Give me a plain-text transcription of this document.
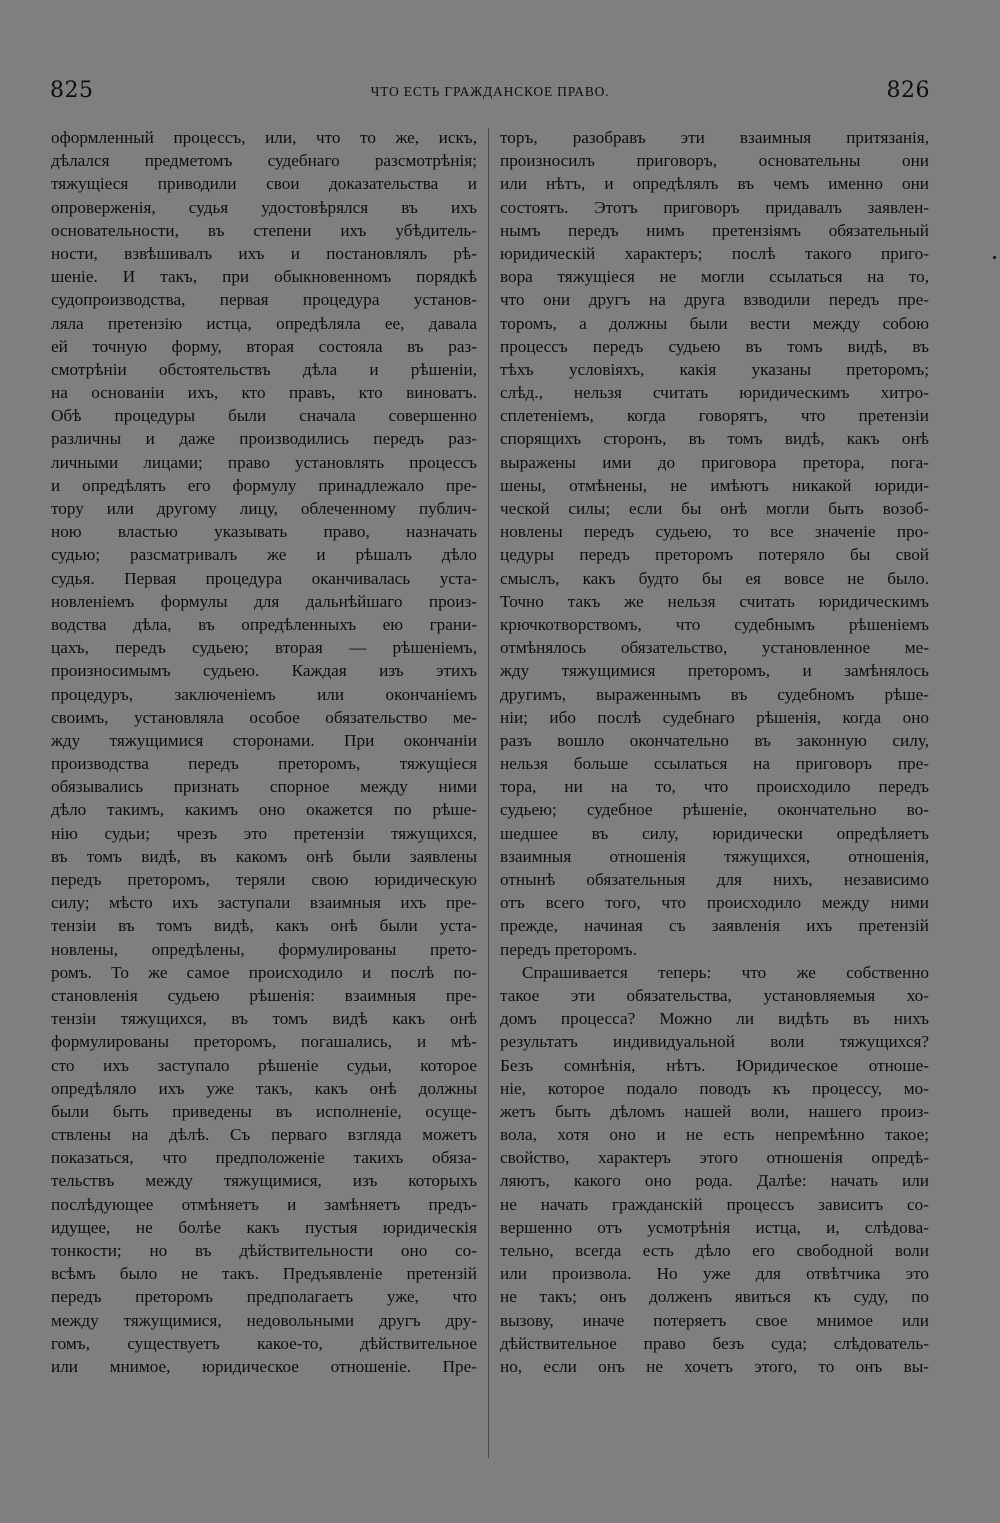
825	ЧТО ЕСТЬ ГРАЖДАНСКОЕ ПРАВО.	826
оформленный процессъ, или, что то же, искъ,
дѣлался предметомъ судебнаго разсмотрѣнія;
тяжущіеся приводили свои доказательства и
опроверженія, судья удостовѣрялся въ ихъ
основательности, въ степени ихъ убѣдитель-
ности, взвѣшивалъ ихъ и постановлялъ рѣ-
шеніе. И такъ, при обыкновенномъ порядкѣ
судопроизводства, первая процедура установ-
ляла претензію истца, опредѣляла ее, давала
ей точную форму, вторая состояла въ раз-
смотрѣніи обстоятельствъ дѣла и рѣшеніи,
на основаніи ихъ, кто правъ, кто виноватъ.
Обѣ процедуры были сначала совершенно
различны и даже производились передъ раз-
личными лицами; право установлять процессъ
и опредѣлять его формулу принадлежало пре-
тору или другому лицу, облеченному публич-
ною властью указывать право, назначать
судью; разсматривалъ же и рѣшалъ дѣло
судья. Первая процедура оканчивалась уста-
новленіемъ формулы для дальнѣйшаго произ-
водства дѣла, въ опредѣленныхъ ею грани-
цахъ, передъ судьею; вторая — рѣшеніемъ,
произносимымъ судьею. Каждая изъ этихъ
процедуръ, заключеніемъ или окончаніемъ
своимъ, установляла особое обязательство ме-
жду тяжущимися сторонами. При окончаніи
производства передъ преторомъ, тяжущіеся
обязывались признать спорное между ними
дѣло такимъ, какимъ оно окажется по рѣше-
нію судьи; чрезъ это претензіи тяжущихся,
въ томъ видѣ, въ какомъ онѣ были заявлены
передъ преторомъ, теряли свою юридическую
силу; мѣсто ихъ заступали взаимныя ихъ пре-
тензіи въ томъ видѣ, какъ онѣ были уста-
новлены, опредѣлены, формулированы прето-
ромъ. То же самое происходило и послѣ по-
становленія судьею рѣшенія: взаимныя пре-
тензіи тяжущихся, въ томъ видѣ какъ онѣ
формулированы преторомъ, погашались, и мѣ-
сто ихъ заступало рѣшеніе судьи, которое
опредѣляло ихъ уже такъ, какъ онѣ должны
были быть приведены въ исполненіе, осуще-
ствлены на дѣлѣ. Съ перваго взгляда можетъ
показаться, что предположеніе такихъ обяза-
тельствъ между тяжущимися, изъ которыхъ
послѣдующее отмѣняетъ и замѣняетъ предъ-
идущее, не болѣе какъ пустыя юридическія
тонкости; но въ дѣйствительности оно со-
всѣмъ было не такъ. Предъявленіе претензій
передъ преторомъ предполагаетъ уже, что
между тяжущимися, недовольными другъ дру-
гомъ, существуетъ какое-то, дѣйствительное
или мнимое, юридическое отношеніе. Пре-
торъ, разобравъ эти взаимныя притязанія,
произносилъ приговоръ, основательны они
или нѣтъ, и опредѣлялъ въ чемъ именно они
состоятъ. Этотъ приговоръ придавалъ заявлен-
нымъ передъ нимъ претензіямъ обязательный
юридическій характеръ; послѣ такого приго-
вора тяжущіеся не могли ссылаться на то,
что они другъ на друга взводили передъ пре-
торомъ, а должны были вести между собою
процессъ передъ судьею въ томъ видѣ, въ
тѣхъ условіяхъ, какія указаны преторомъ;
слѣд., нельзя считать юридическимъ хитро-
сплетеніемъ, когда говорятъ, что претензіи
спорящихъ сторонъ, въ томъ видѣ, какъ онѣ
выражены ими до приговора претора, пога-
шены, отмѣнены, не имѣютъ никакой юриди-
ческой силы; если бы онѣ могли быть возоб-
новлены передъ судьею, то все значеніе про-
цедуры передъ преторомъ потеряло бы свой
смыслъ, какъ будто бы ея вовсе не было.
Точно такъ же нельзя считать юридическимъ
крючкотворствомъ, что судебнымъ рѣшеніемъ
отмѣнялось обязательство, установленное ме-
жду тяжущимися преторомъ, и замѣнялось
другимъ, выраженнымъ въ судебномъ рѣше-
ніи; ибо послѣ судебнаго рѣшенія, когда оно
разъ вошло окончательно въ законную силу,
нельзя больше ссылаться на приговоръ пре-
тора, ни на то, что происходило передъ
судьею; судебное рѣшеніе, окончательно во-
шедшее въ силу, юридически опредѣляетъ
взаимныя отношенія тяжущихся, отношенія,
отнынѣ обязательныя для нихъ, независимо
отъ всего того, что происходило между ними
прежде, начиная съ заявленія ихъ претензій
передъ преторомъ.
Спрашивается теперь: что же собственно
такое эти обязательства, установляемыя хо-
домъ процесса? Можно ли видѣть въ нихъ
результатъ индивидуальной воли тяжущихся?
Безъ сомнѣнія, нѣтъ. Юридическое отноше-
ніе, которое подало поводъ къ процессу, мо-
жетъ быть дѣломъ нашей воли, нашего произ-
вола, хотя оно и не есть непремѣнно такое;
свойство, характеръ этого отношенія опредѣ-
ляютъ, какого оно рода. Далѣе: начать или
не начать гражданскій процессъ зависитъ со-
вершенно отъ усмотрѣнія истца, и, слѣдова-
тельно, всегда есть дѣло его свободной воли
или произвола. Но уже для отвѣтчика это
не такъ; онъ долженъ явиться къ суду, по
вызову, иначе потеряетъ свое мнимое или
дѣйствительное право безъ суда; слѣдователь-
но, если онъ не хочетъ этого, то онъ вы-
